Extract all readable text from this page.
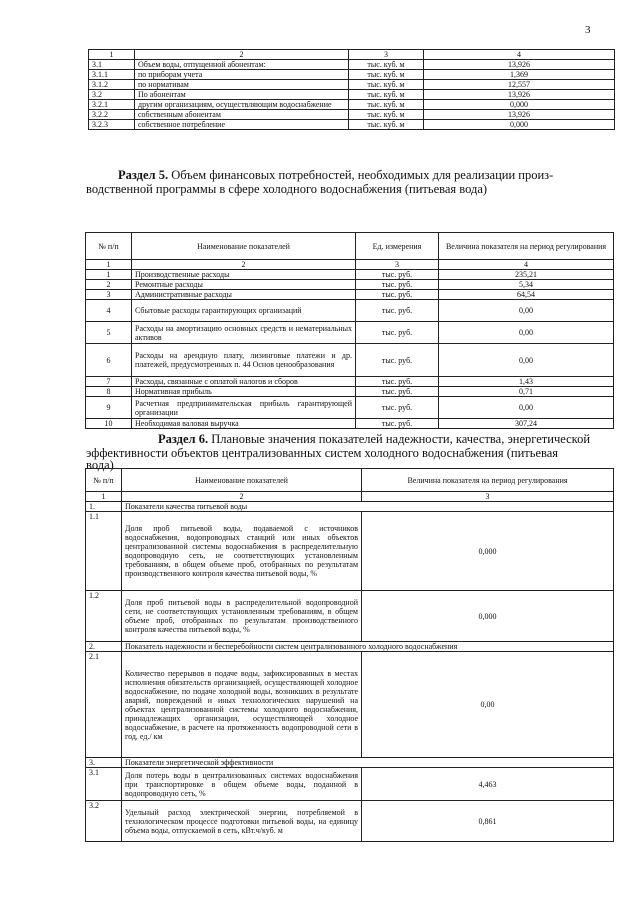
3
1	2	3	4
3.1	Объем воды, отпущенной абонентам:	тыс. куб. м	13,926
3.1.1	по приборам учета	тыс. куб. м	1,369
3.1.2	по нормативам	тыс. куб. м	12,557
3.2	По абонентам	тыс. куб. м	13,926
3.2.1	другим организациям, осуществляющим водоснабжение	тыс. куб. м	0,000
3.2.2	собственным абонентам	тыс. куб. м	13,926
3.2.3	собственное потребление	тыс. куб. м	0,000
Раздел 5. Объем финансовых потребностей, необходимых для реализации произ-
водственной программы в сфере холодного водоснабжения (питьевая вода)
№ п/п	Наименование показателей	Ед. измерения	Величина показателя на период регулирования
1	2	3	4
1	Производственные расходы	тыс. руб.	235,21
2	Ремонтные расходы	тыс. руб.	5,34
3	Административные расходы	тыс. руб.	64,54
4	Сбытовые расходы гарантирующих организаций	тыс. руб.	0,00
5	Расходы на амортизацию основных средств и нематериальных активов	тыс. руб.	0,00
6	Расходы на арендную плату, лизинговые платежи и др. платежей, предусмотренных п. 44 Основ ценообразования	тыс. руб.	0,00
7	Расходы, связанные с оплатой налогов и сборов	тыс. руб.	1,43
8	Нормативная прибыль	тыс. руб.	0,71
9	Расчетная предпринимательская прибыль гарантирующей организации	тыс. руб.	0,00
10	Необходимая валовая выручка	тыс. руб.	307,24
Раздел 6. Плановые значения показателей надежности, качества, энергетической
эффективности объектов централизованных систем холодного водоснабжения (питьевая
вода)
№ п/п	Наименование показателей	Величина показателя на период регулирования
1	2	3
1.	Показатели качества питьевой воды	
1.1	Доля проб питьевой воды, подаваемой с источников водоснабжения, водопроводных станций или иных объектов централизованной системы водоснабжения в распределительную водопроводную сеть, не соответствующих установленным требованиям, в общем объеме проб, отобранных по результатам производственного контроля качества питьевой воды, %	0,000
1.2	Доля проб питьевой воды в распределительной водопроводной сети, не соответствующих установленным требованиям, в общем объеме проб, отобранных по результатам производственного контроля качества питьевой воды, %	0,000
2.	Показатель надежности и бесперебойности систем централизованного холодного водоснабжения	
2.1	Количество перерывов в подаче воды, зафиксированных в местах исполнения обязательств организацией, осуществляющей холодное водоснабжение, по подаче холодной воды, возникших в результате аварий, повреждений и иных технологических нарушений на объектах централизованной системы холодного водоснабжения, принадлежащих организации, осуществляющей холодное водоснабжение, в расчете на протяженность водопроводной сети в год, ед./ км	0,00
3.	Показатели энергетической эффективности	
3.1	Доля потерь воды в централизованных системах водоснабжения при транспортировке в общем объеме воды, поданной в водопроводную сеть, %	4,463
3.2	Удельный расход электрической энергии, потребляемой в технологическом процессе подготовки питьевой воды, на единицу объема воды, отпускаемой в сеть, кВт.ч/куб. м	0,861
